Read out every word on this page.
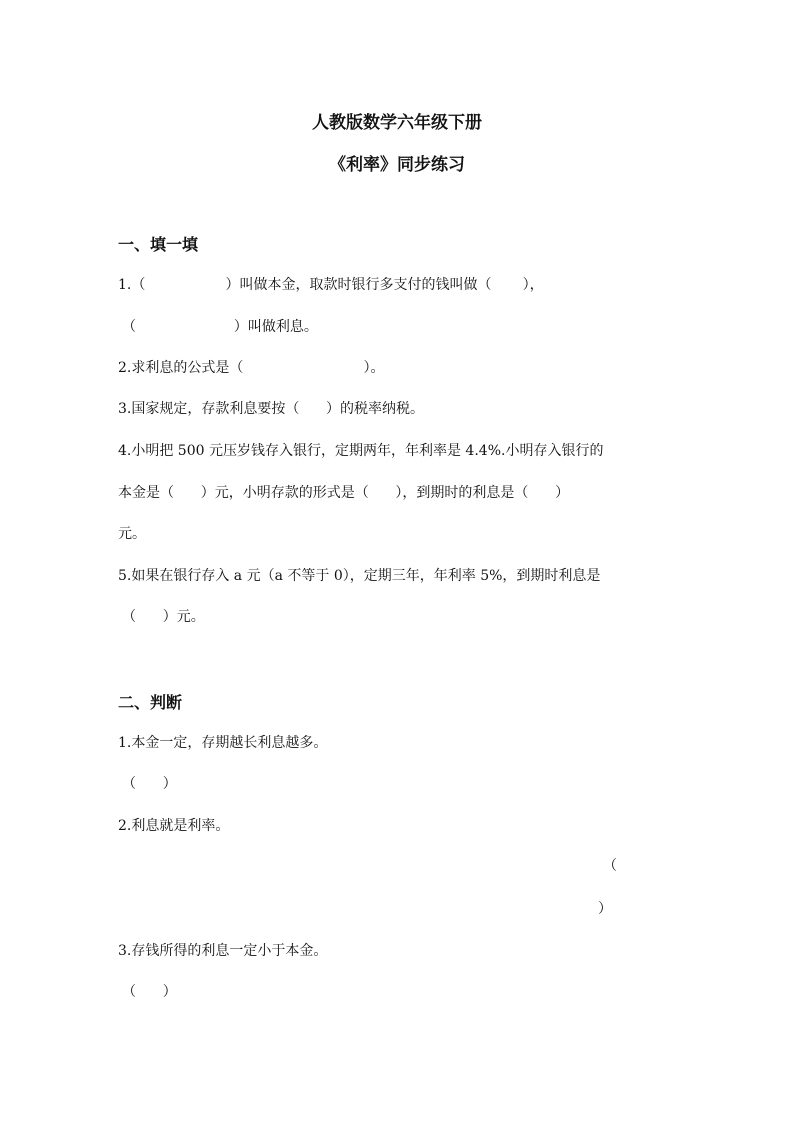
人教版数学六年级下册
《利率》同步练习
一、填一填
1.（                  ）叫做本金，取款时银行多支付的钱叫做（       ），
（                      ）叫做利息。
2.求利息的公式是（                           ）。
3.国家规定，存款利息要按（      ）的税率纳税。
4.小明把 500 元压岁钱存入银行，定期两年，年利率是 4.4%.小明存入银行的
本金是（      ）元，小明存款的形式是（      ），到期时的利息是（      ）
元。
5.如果在银行存入 a 元（a 不等于 0），定期三年，年利率 5%，到期时利息是
（      ）元。
二、判断
1.本金一定，存期越长利息越多。
（      ）
2.利息就是利率。
（
）
3.存钱所得的利息一定小于本金。
（      ）
